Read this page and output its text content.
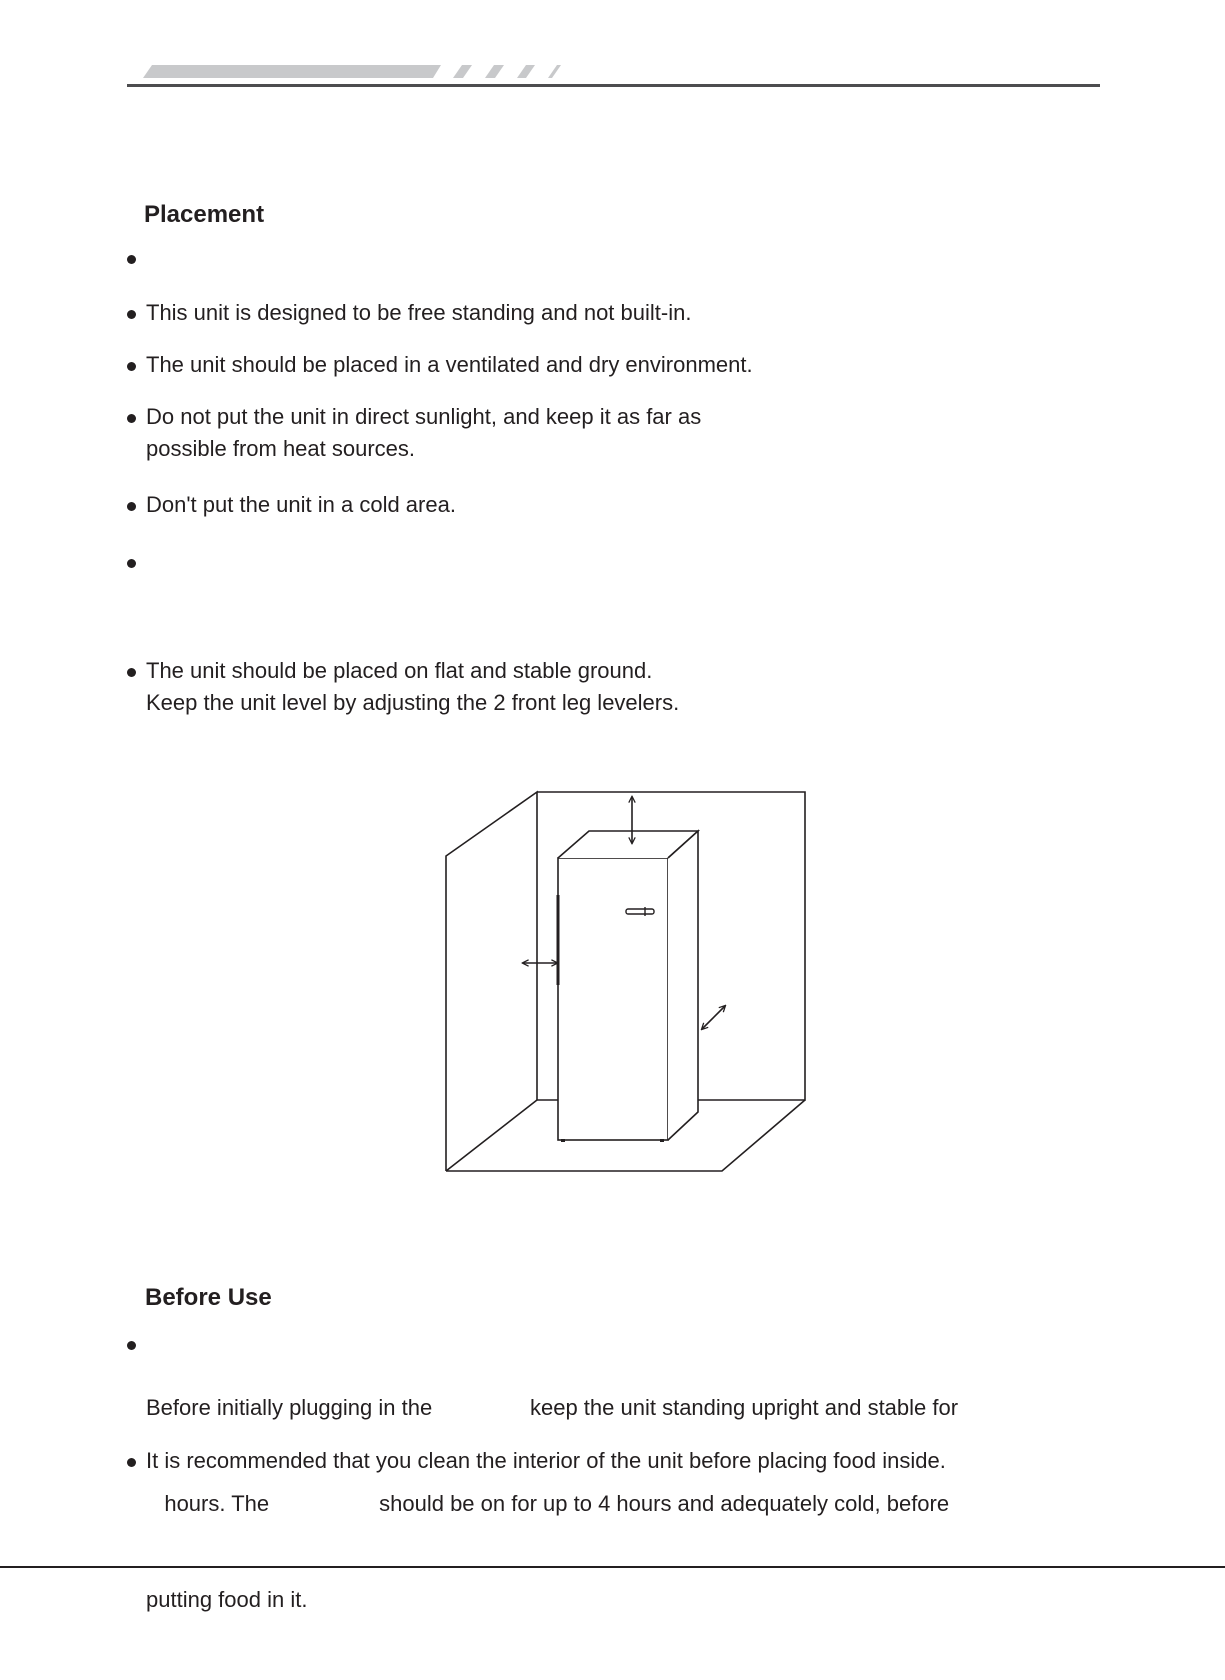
Placement
This unit is designed to be free standing and not built-in.
The unit should be placed in a ventilated and dry environment.
Do not put the unit in direct sunlight, and keep it as far as
possible from heat sources.
Don't put the unit in a cold area.
The unit should be placed on flat and stable ground.
Keep the unit level by adjusting the 2 front leg levelers.
Before Use

Before initially plugging in the                keep the unit standing upright and stable for

hours. The                  should be on for up to 4 hours and adequately cold, before

putting food in it.

It is recommended that you clean the interior of the unit before placing food inside.
